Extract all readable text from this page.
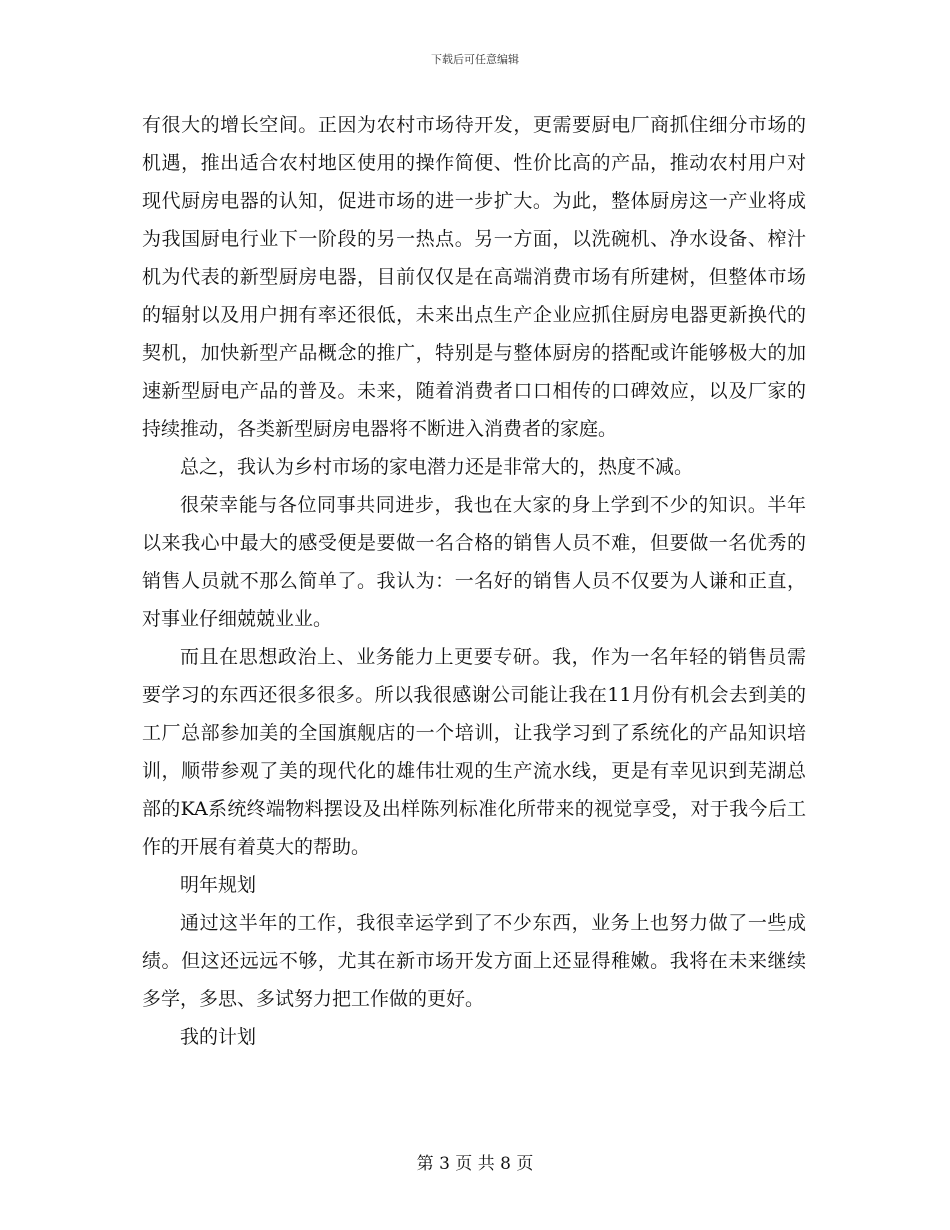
下载后可任意编辑

有很大的增长空间。正因为农村市场待开发，更需要厨电厂商抓住细分市场的机遇，推出适合农村地区使用的操作简便、性价比高的产品，推动农村用户对现代厨房电器的认知，促进市场的进一步扩大。为此，整体厨房这一产业将成为我国厨电行业下一阶段的另一热点。另一方面，以洗碗机、净水设备、榨汁机为代表的新型厨房电器，目前仅仅是在高端消费市场有所建树，但整体市场的辐射以及用户拥有率还很低，未来出点生产企业应抓住厨房电器更新换代的契机，加快新型产品概念的推广，特别是与整体厨房的搭配或许能够极大的加速新型厨电产品的普及。未来，随着消费者口口相传的口碑效应，以及厂家的持续推动，各类新型厨房电器将不断进入消费者的家庭。

总之，我认为乡村市场的家电潜力还是非常大的，热度不减。

很荣幸能与各位同事共同进步，我也在大家的身上学到不少的知识。半年以来我心中最大的感受便是要做一名合格的销售人员不难，但要做一名优秀的销售人员就不那么简单了。我认为：一名好的销售人员不仅要为人谦和正直，对事业仔细兢兢业业。

而且在思想政治上、业务能力上更要专研。我，作为一名年轻的销售员需要学习的东西还很多很多。所以我很感谢公司能让我在11月份有机会去到美的工厂总部参加美的全国旗舰店的一个培训，让我学习到了系统化的产品知识培训，顺带参观了美的现代化的雄伟壮观的生产流水线，更是有幸见识到芜湖总部的KA系统终端物料摆设及出样陈列标准化所带来的视觉享受，对于我今后工作的开展有着莫大的帮助。

明年规划

通过这半年的工作，我很幸运学到了不少东西，业务上也努力做了一些成绩。但这还远远不够，尤其在新市场开发方面上还显得稚嫩。我将在未来继续多学，多思、多试努力把工作做的更好。

我的计划

第 3 页 共 8 页
